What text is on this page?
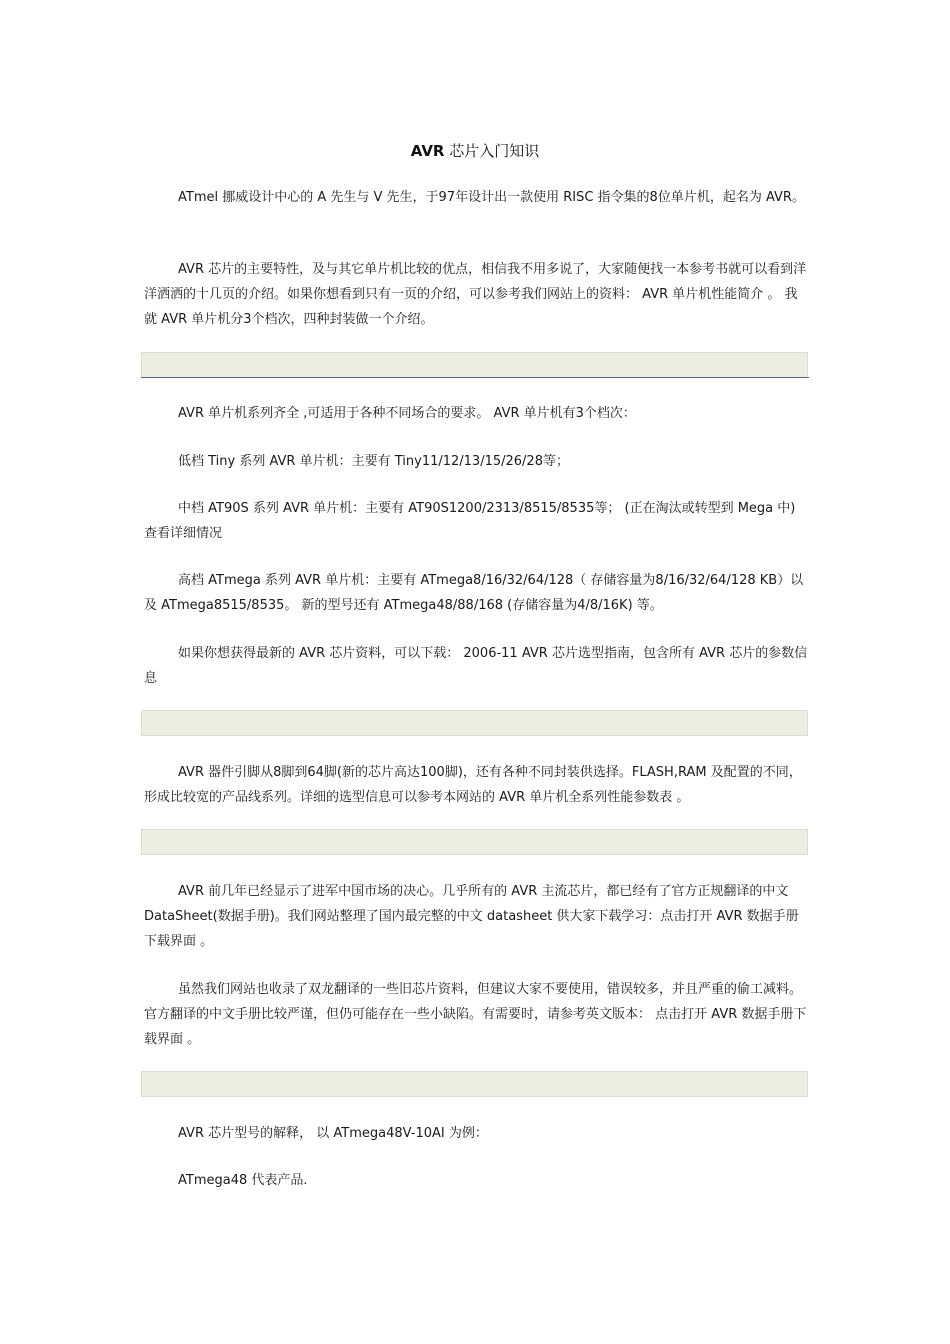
AVR 芯片入门知识

ATmel 挪威设计中心的 A 先生与 V 先生，于97年设计出一款使用 RISC 指令集的8位单片机，起名为 AVR。

AVR 芯片的主要特性，及与其它单片机比较的优点，相信我不用多说了，大家随便找一本参考书就可以看到洋洋洒洒的十几页的介绍。如果你想看到只有一页的介绍，可以参考我们网站上的资料： AVR 单片机性能简介 。 我就 AVR 单片机分3个档次，四种封装做一个介绍。

AVR 单片机系列齐全 ,可适用于各种不同场合的要求。 AVR 单片机有3个档次：

低档 Tiny 系列 AVR 单片机：主要有 Tiny11/12/13/15/26/28等；

中档 AT90S 系列 AVR 单片机：主要有 AT90S1200/2313/8515/8535等； (正在淘汰或转型到 Mega 中)查看详细情况

高档 ATmega 系列 AVR 单片机：主要有 ATmega8/16/32/64/128（ 存储容量为8/16/32/64/128 KB）以及 ATmega8515/8535。 新的型号还有 ATmega48/88/168 (存储容量为4/8/16K) 等。

如果你想获得最新的 AVR 芯片资料，可以下载： 2006-11 AVR 芯片选型指南，包含所有 AVR 芯片的参数信息

AVR 器件引脚从8脚到64脚(新的芯片高达100脚)，还有各种不同封装供选择。FLASH,RAM 及配置的不同，形成比较宽的产品线系列。详细的选型信息可以参考本网站的 AVR 单片机全系列性能参数表 。

AVR 前几年已经显示了进军中国市场的决心。几乎所有的 AVR 主流芯片，都已经有了官方正规翻译的中文 DataSheet(数据手册)。我们网站整理了国内最完整的中文 datasheet 供大家下载学习：点击打开 AVR 数据手册下载界面 。

虽然我们网站也收录了双龙翻译的一些旧芯片资料，但建议大家不要使用，错误较多，并且严重的偷工减料。官方翻译的中文手册比较严谨，但仍可能存在一些小缺陷。有需要时，请参考英文版本： 点击打开 AVR 数据手册下载界面 。

AVR 芯片型号的解释， 以 ATmega48V-10AI 为例：

ATmega48 代表产品.
